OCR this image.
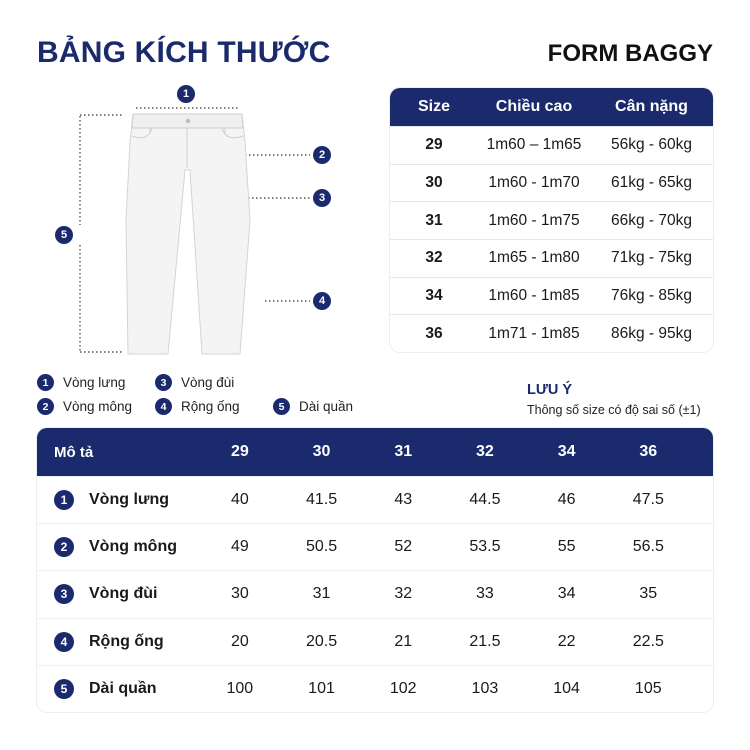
BẢNG KÍCH THƯỚC	FORM BAGGY
1
2
3
4
5
Size	Chiều cao	Cân nặng
29	1m60 – 1m65	56kg - 60kg
30	1m60 - 1m70	61kg - 65kg
31	1m60 - 1m75	66kg - 70kg
32	1m65 - 1m80	71kg - 75kg
34	1m60 - 1m85	76kg - 85kg
36	1m71 - 1m85	86kg - 95kg
1	Vòng lưng	3	Vòng đùi
2	Vòng mông	4	Rộng ống	5	Dài quần
LƯU Ý
Thông số size có độ sai số (±1)
Mô tả	29	30	31	32	34	36
1	Vòng lưng	40	41.5	43	44.5	46	47.5
2	Vòng mông	49	50.5	52	53.5	55	56.5
3	Vòng đùi	30	31	32	33	34	35
4	Rộng ống	20	20.5	21	21.5	22	22.5
5	Dài quần	100	101	102	103	104	105
